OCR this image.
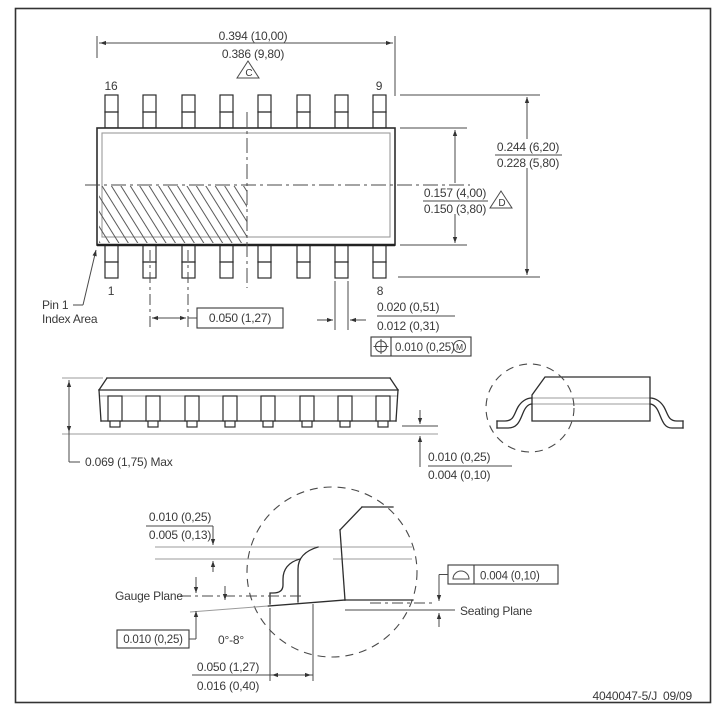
16	9
1	8
0.394 (10,00)
0.386 (9,80)
C
0.244 (6,20)
0.228 (5,80)
0.157 (4,00)
0.150 (3,80) D
0.050 (1,27)
0.020 (0,51)
0.012 (0,31)
0.010 (0,25) M
Pin 1
Index Area
0.069 (1,75) Max	0.010 (0,25)
0.004 (0,10)
0.010 (0,25)
0.005 (0,13)
Gauge Plane
0.010 (0,25)	0°-8°
0.050 (1,27)
0.016 (0,40)
Seating Plane
0.004 (0,10)
4040047-5/J 09/09
